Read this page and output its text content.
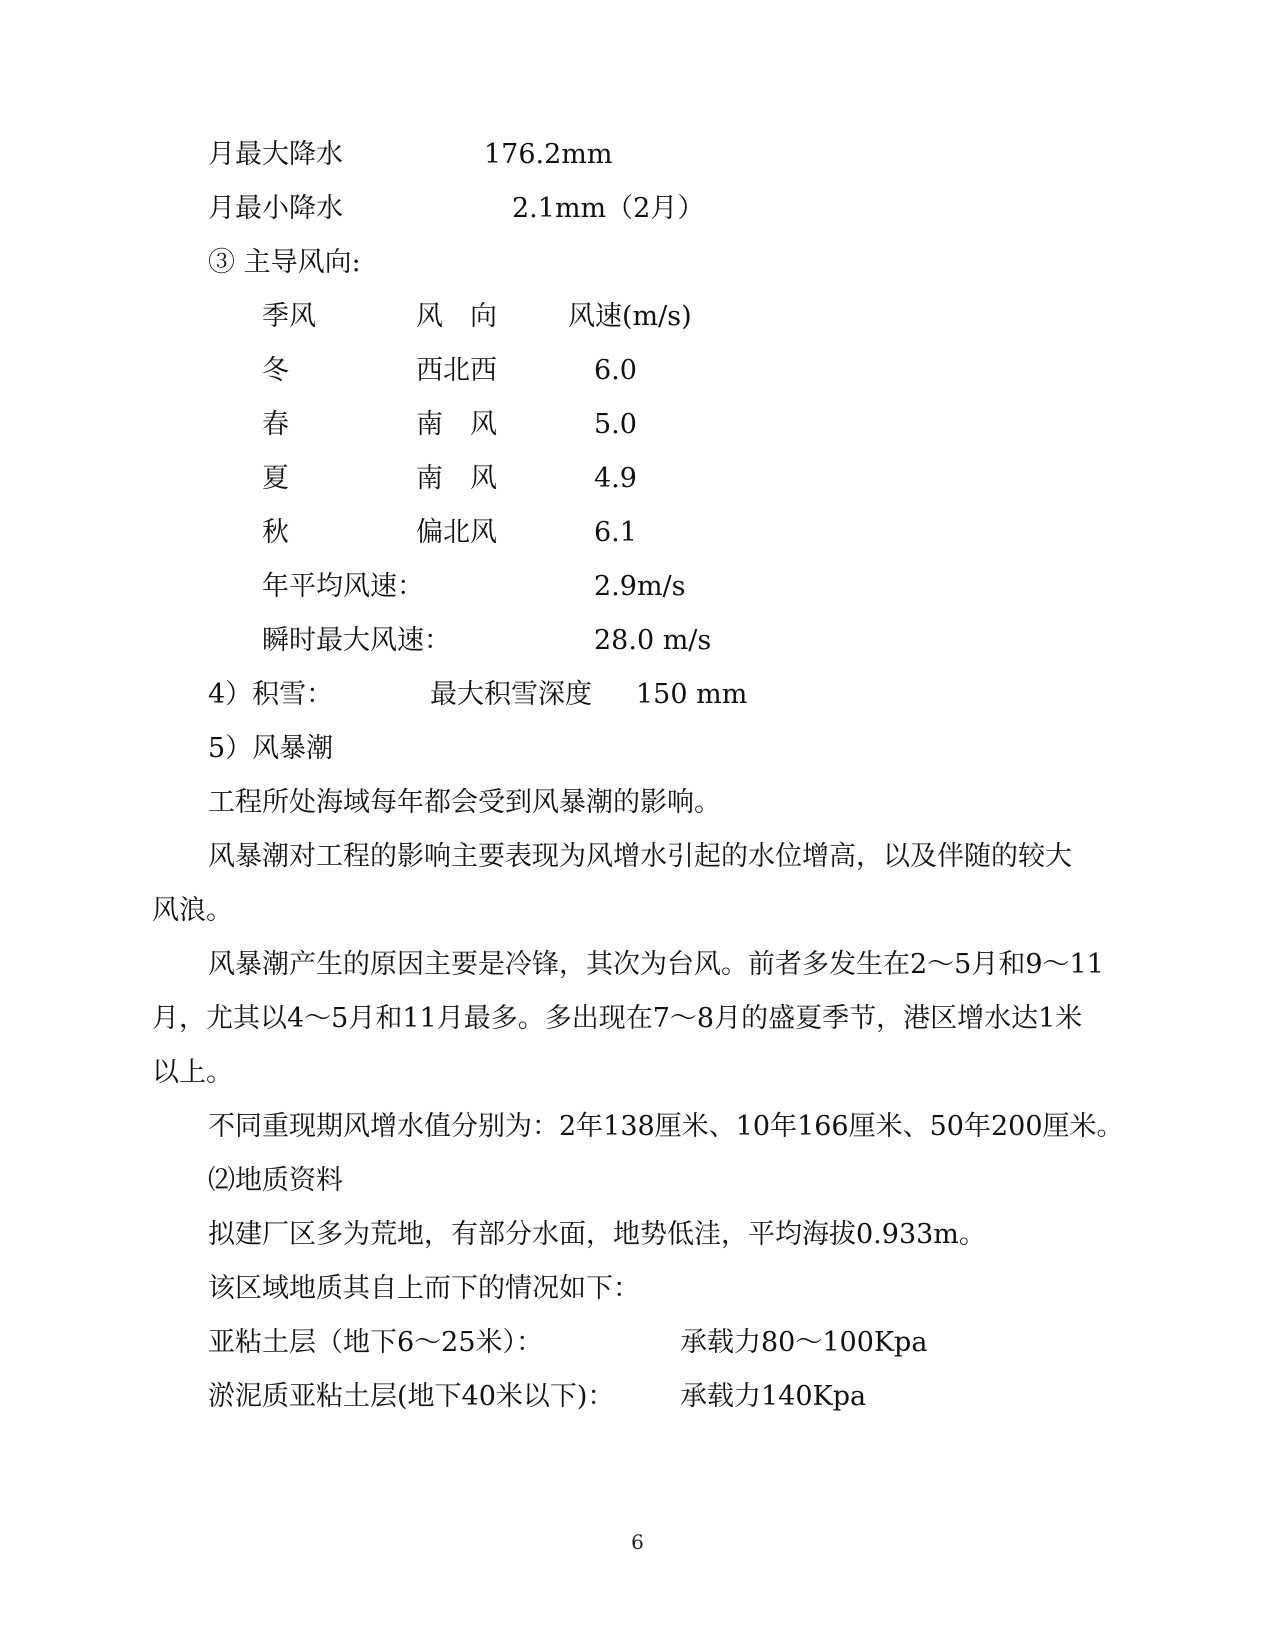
月最大降水	176.2mm
月最小降水	2.1mm（2月）
③ 主导风向:
季风	风　向	风速(m/s)
冬	西北西	6.0
春	南　风	5.0
夏	南　风	4.9
秋	偏北风	6.1
年平均风速：	2.9m/s
瞬时最大风速：	28.0 m/s
4）积雪：	最大积雪深度 150 mm
5）风暴潮
工程所处海域每年都会受到风暴潮的影响。
风暴潮对工程的影响主要表现为风增水引起的水位增高，以及伴随的较大
风浪。
风暴潮产生的原因主要是冷锋，其次为台风。前者多发生在2～5月和9～11
月，尤其以4～5月和11月最多。多出现在7～8月的盛夏季节，港区增水达1米
以上。
不同重现期风增水值分别为：2年138厘米、10年166厘米、50年200厘米。
⑵地质资料
拟建厂区多为荒地，有部分水面，地势低洼，平均海拔0.933m。
该区域地质其自上而下的情况如下：
亚粘土层（地下6～25米）：	承载力80～100Kpa
淤泥质亚粘土层(地下40米以下)： 承载力140Kpa
6
